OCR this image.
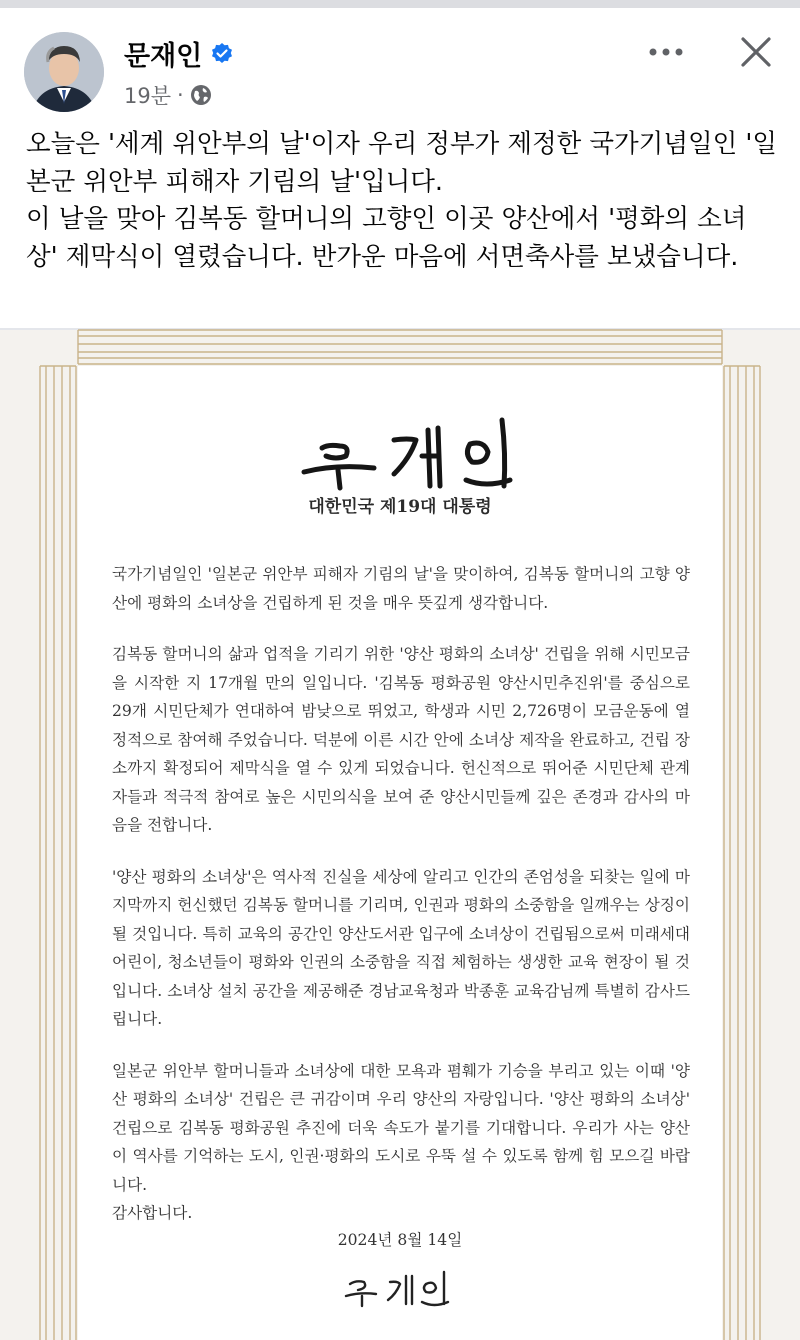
문재인
19분 ·

오늘은 '세계 위안부의 날'이자 우리 정부가 제정한 국가기념일인 '일본군 위안부 피해자 기림의 날'입니다.

이 날을 맞아 김복동 할머니의 고향인 이곳 양산에서 '평화의 소녀상' 제막식이 열렸습니다. 반가운 마음에 서면축사를 보냈습니다.

대한민국 제19대 대통령

국가기념일인 '일본군 위안부 피해자 기림의 날'을 맞이하여, 김복동 할머니의 고향 양산에 평화의 소녀상을 건립하게 된 것을 매우 뜻깊게 생각합니다.

김복동 할머니의 삶과 업적을 기리기 위한 '양산 평화의 소녀상' 건립을 위해 시민모금을 시작한 지 17개월 만의 일입니다. '김복동 평화공원 양산시민추진위'를 중심으로 29개 시민단체가 연대하여 밤낮으로 뛰었고, 학생과 시민 2,726명이 모금운동에 열정적으로 참여해 주었습니다. 덕분에 이른 시간 안에 소녀상 제작을 완료하고, 건립 장소까지 확정되어 제막식을 열 수 있게 되었습니다. 헌신적으로 뛰어준 시민단체 관계자들과 적극적 참여로 높은 시민의식을 보여 준 양산시민들께 깊은 존경과 감사의 마음을 전합니다.

'양산 평화의 소녀상'은 역사적 진실을 세상에 알리고 인간의 존엄성을 되찾는 일에 마지막까지 헌신했던 김복동 할머니를 기리며, 인권과 평화의 소중함을 일깨우는 상징이 될 것입니다. 특히 교육의 공간인 양산도서관 입구에 소녀상이 건립됨으로써 미래세대 어린이, 청소년들이 평화와 인권의 소중함을 직접 체험하는 생생한 교육 현장이 될 것입니다. 소녀상 설치 공간을 제공해준 경남교육청과 박종훈 교육감님께 특별히 감사드립니다.

일본군 위안부 할머니들과 소녀상에 대한 모욕과 폄훼가 기승을 부리고 있는 이때 '양산 평화의 소녀상' 건립은 큰 귀감이며 우리 양산의 자랑입니다. '양산 평화의 소녀상' 건립으로 김복동 평화공원 추진에 더욱 속도가 붙기를 기대합니다. 우리가 사는 양산이 역사를 기억하는 도시, 인권·평화의 도시로 우뚝 설 수 있도록 함께 힘 모으길 바랍니다.

감사합니다.

2024년 8월 14일
